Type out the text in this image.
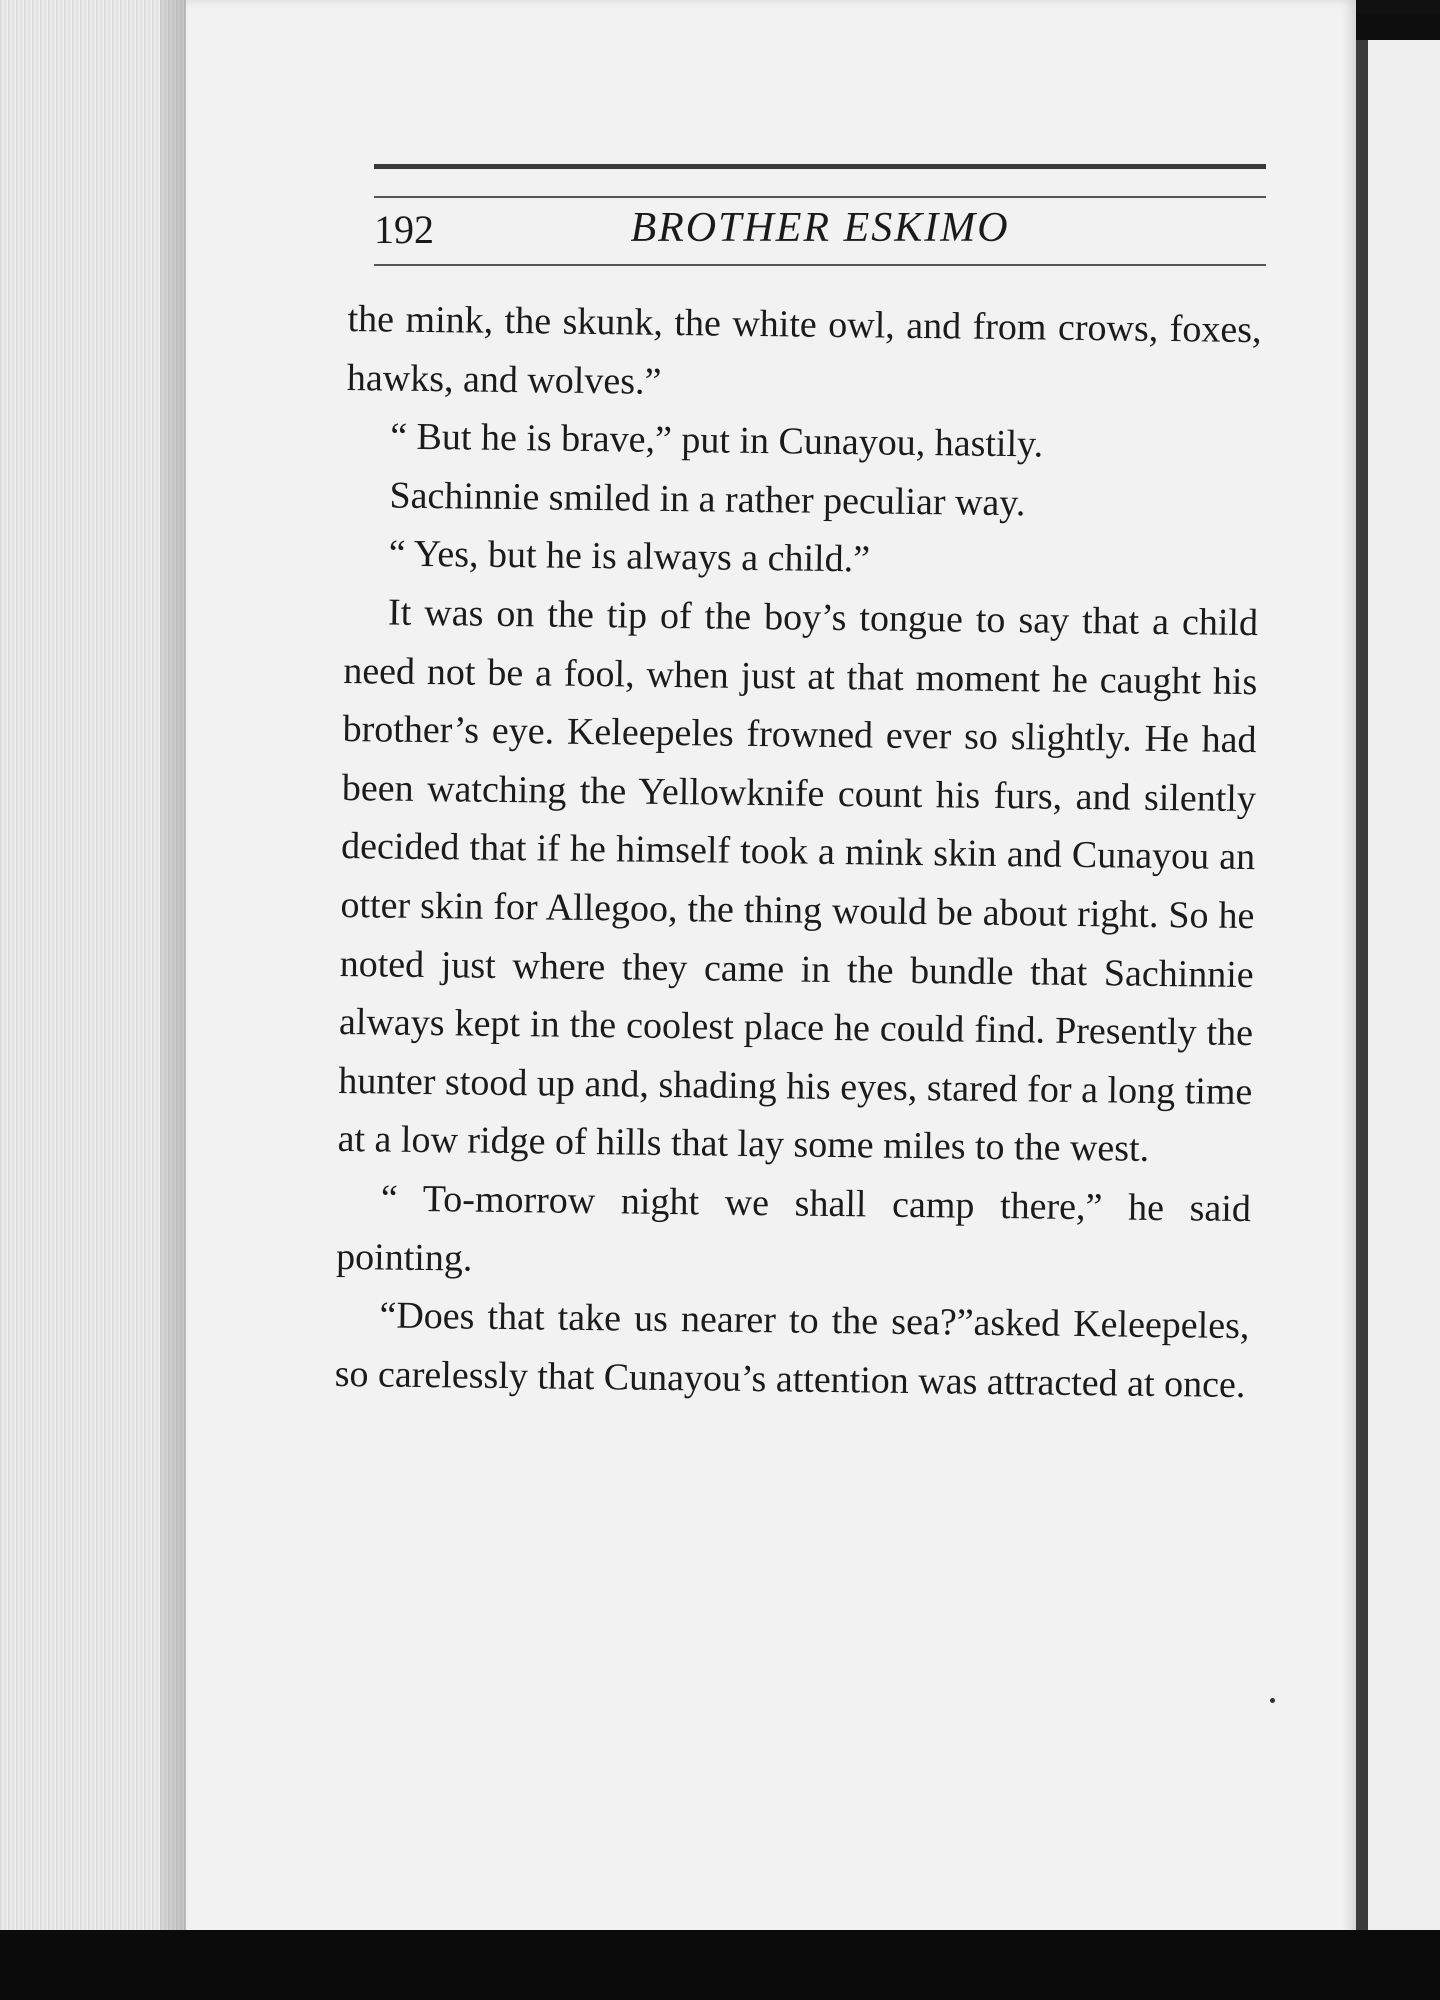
192	BROTHER ESKIMO

the mink, the skunk, the white owl, and from crows, foxes, hawks, and wolves.”

“ But he is brave,” put in Cunayou, hastily.

Sachinnie smiled in a rather peculiar way.

“ Yes, but he is always a child.”

It was on the tip of the boy’s tongue to say that a child need not be a fool, when just at that moment he caught his brother’s eye. Keleepeles frowned ever so slightly. He had been watching the Yellowknife count his furs, and silently decided that if he himself took a mink skin and Cunayou an otter skin for Allegoo, the thing would be about right. So he noted just where they came in the bundle that Sachinnie always kept in the coolest place he could find. Presently the hunter stood up and, shading his eyes, stared for a long time at a low ridge of hills that lay some miles to the west.

“ To-morrow night we shall camp there,” he said pointing.

“Does that take us nearer to the sea?”asked Keleepeles, so carelessly that Cunayou’s attention was attracted at once.
